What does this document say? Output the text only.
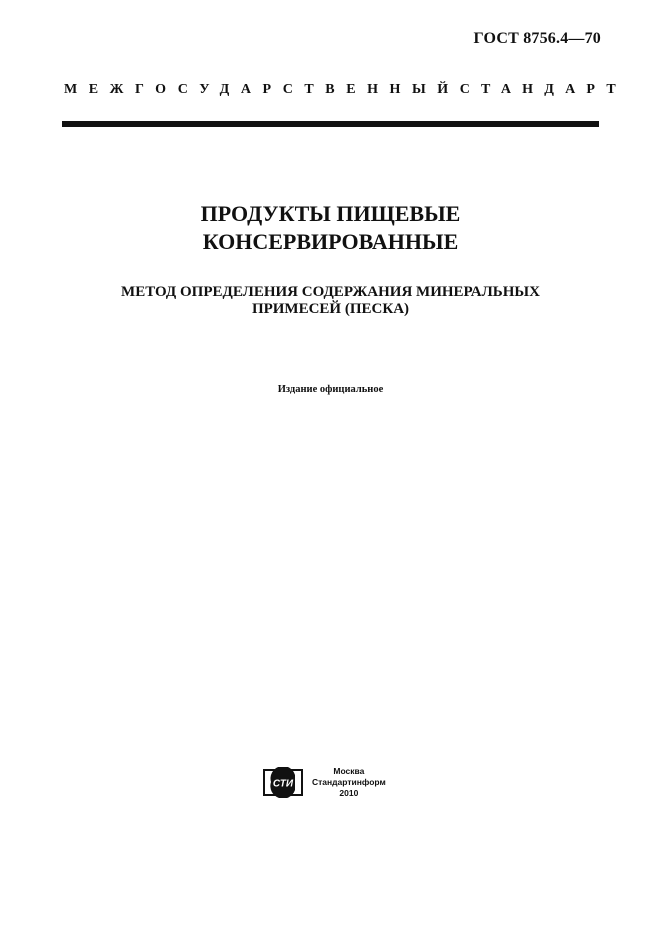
ГОСТ 8756.4—70
МЕЖГОСУДАРСТВЕННЫЙ СТАНДАРТ
ПРОДУКТЫ ПИЩЕВЫЕ
КОНСЕРВИРОВАННЫЕ
МЕТОД ОПРЕДЕЛЕНИЯ СОДЕРЖАНИЯ МИНЕРАЛЬНЫХ
ПРИМЕСЕЙ (ПЕСКА)
Издание официальное
СТИ
Москва
Стандартинформ
2010
